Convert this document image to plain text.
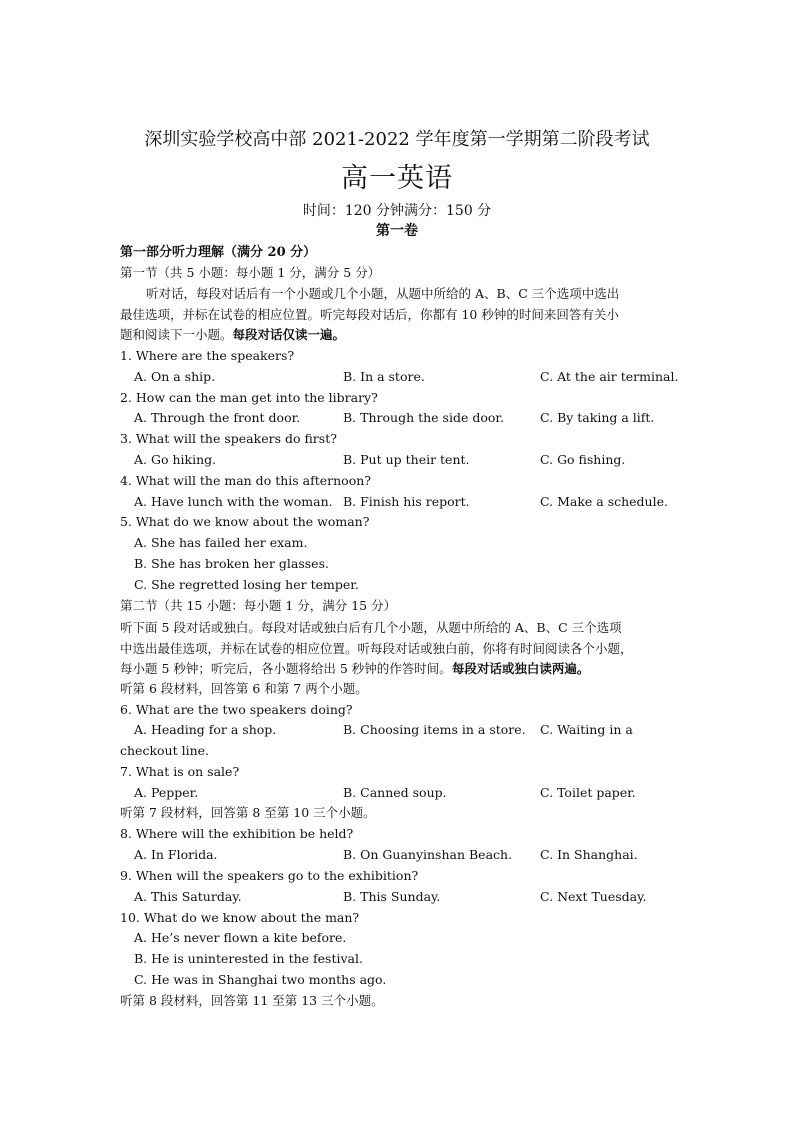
深圳实验学校高中部 2021-2022 学年度第一学期第二阶段考试
高一英语
时间：120 分钟满分：150 分
第一卷
第一部分听力理解（满分 20 分）
第一节（共 5 小题：每小题 1 分，满分 5 分）
听对话，每段对话后有一个小题或几个小题，从题中所给的 A、B、C 三个选项中选出
最佳选项，并标在试卷的相应位置。听完每段对话后，你都有 10 秒钟的时间来回答有关小
题和阅读下一小题。每段对话仅读一遍。
1. Where are the speakers?
A. On a ship.	B. In a store.	C. At the air terminal.
2. How can the man get into the library?
A. Through the front door.	B. Through the side door.	C. By taking a lift.
3. What will the speakers do first?
A. Go hiking.	B. Put up their tent.	C. Go fishing.
4. What will the man do this afternoon?
A. Have lunch with the woman. B. Finish his report.	C. Make a schedule.
5. What do we know about the woman?
A. She has failed her exam.
B. She has broken her glasses.
C. She regretted losing her temper.
第二节（共 15 小题：每小题 1 分，满分 15 分）
听下面 5 段对话或独白。每段对话或独白后有几个小题，从题中所给的 A、B、C 三个选项
中选出最佳选项，并标在试卷的相应位置。听每段对话或独白前，你将有时间阅读各个小题，
每小题 5 秒钟；听完后，各小题将给出 5 秒钟的作答时间。每段对话或独白读两遍。
听第 6 段材料，回答第 6 和第 7 两个小题。
6. What are the two speakers doing?
A. Heading for a shop.	B. Choosing items in a store. C. Waiting in a
checkout line.
7. What is on sale?
A. Pepper.	B. Canned soup.	C. Toilet paper.
听第 7 段材料，回答第 8 至第 10 三个小题。
8. Where will the exhibition be held?
A. In Florida.	B. On Guanyinshan Beach. C. In Shanghai.
9. When will the speakers go to the exhibition?
A. This Saturday.	B. This Sunday.	C. Next Tuesday.
10. What do we know about the man?
A. He’s never flown a kite before.
B. He is uninterested in the festival.
C. He was in Shanghai two months ago.
听第 8 段材料，回答第 11 至第 13 三个小题。
